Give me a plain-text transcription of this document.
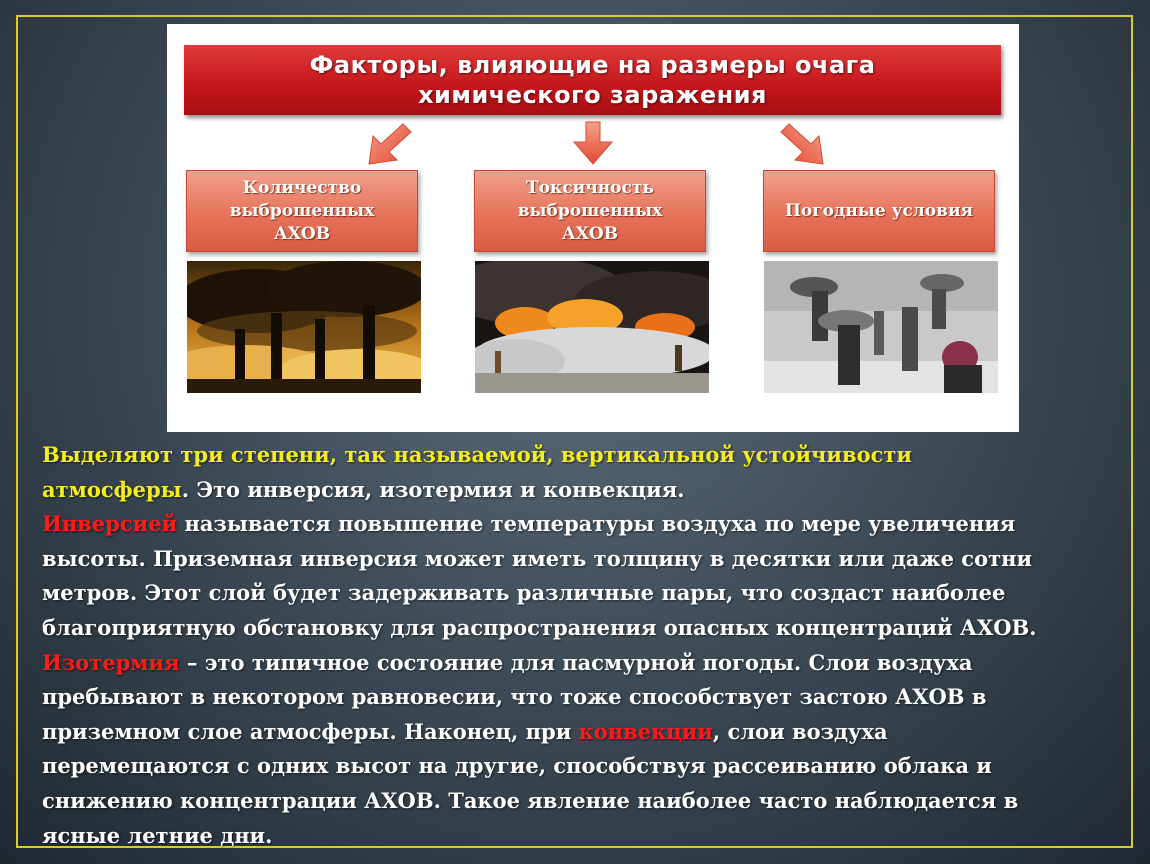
Факторы, влияющие на размеры очага
химического заражения
Количество
выброшенных
АХОВ
Токсичность
выброшенных
АХОВ
Погодные условия
Выделяют три степени, так называемой, вертикальной устойчивости
атмосферы. Это инверсия, изотермия и конвекция.
Инверсией называется повышение температуры воздуха по мере увеличения
высоты. Приземная инверсия может иметь толщину в десятки или даже сотни
метров. Этот слой будет задерживать различные пары, что создаст наиболее
благоприятную обстановку для распространения опасных концентраций АХОВ.
Изотермия – это типичное состояние для пасмурной погоды. Слои воздуха
пребывают в некотором равновесии, что тоже способствует застою АХОВ в
приземном слое атмосферы. Наконец, при конвекции, слои воздуха
перемещаются с одних высот на другие, способствуя рассеиванию облака и
снижению концентрации АХОВ. Такое явление наиболее часто наблюдается в
ясные летние дни.
